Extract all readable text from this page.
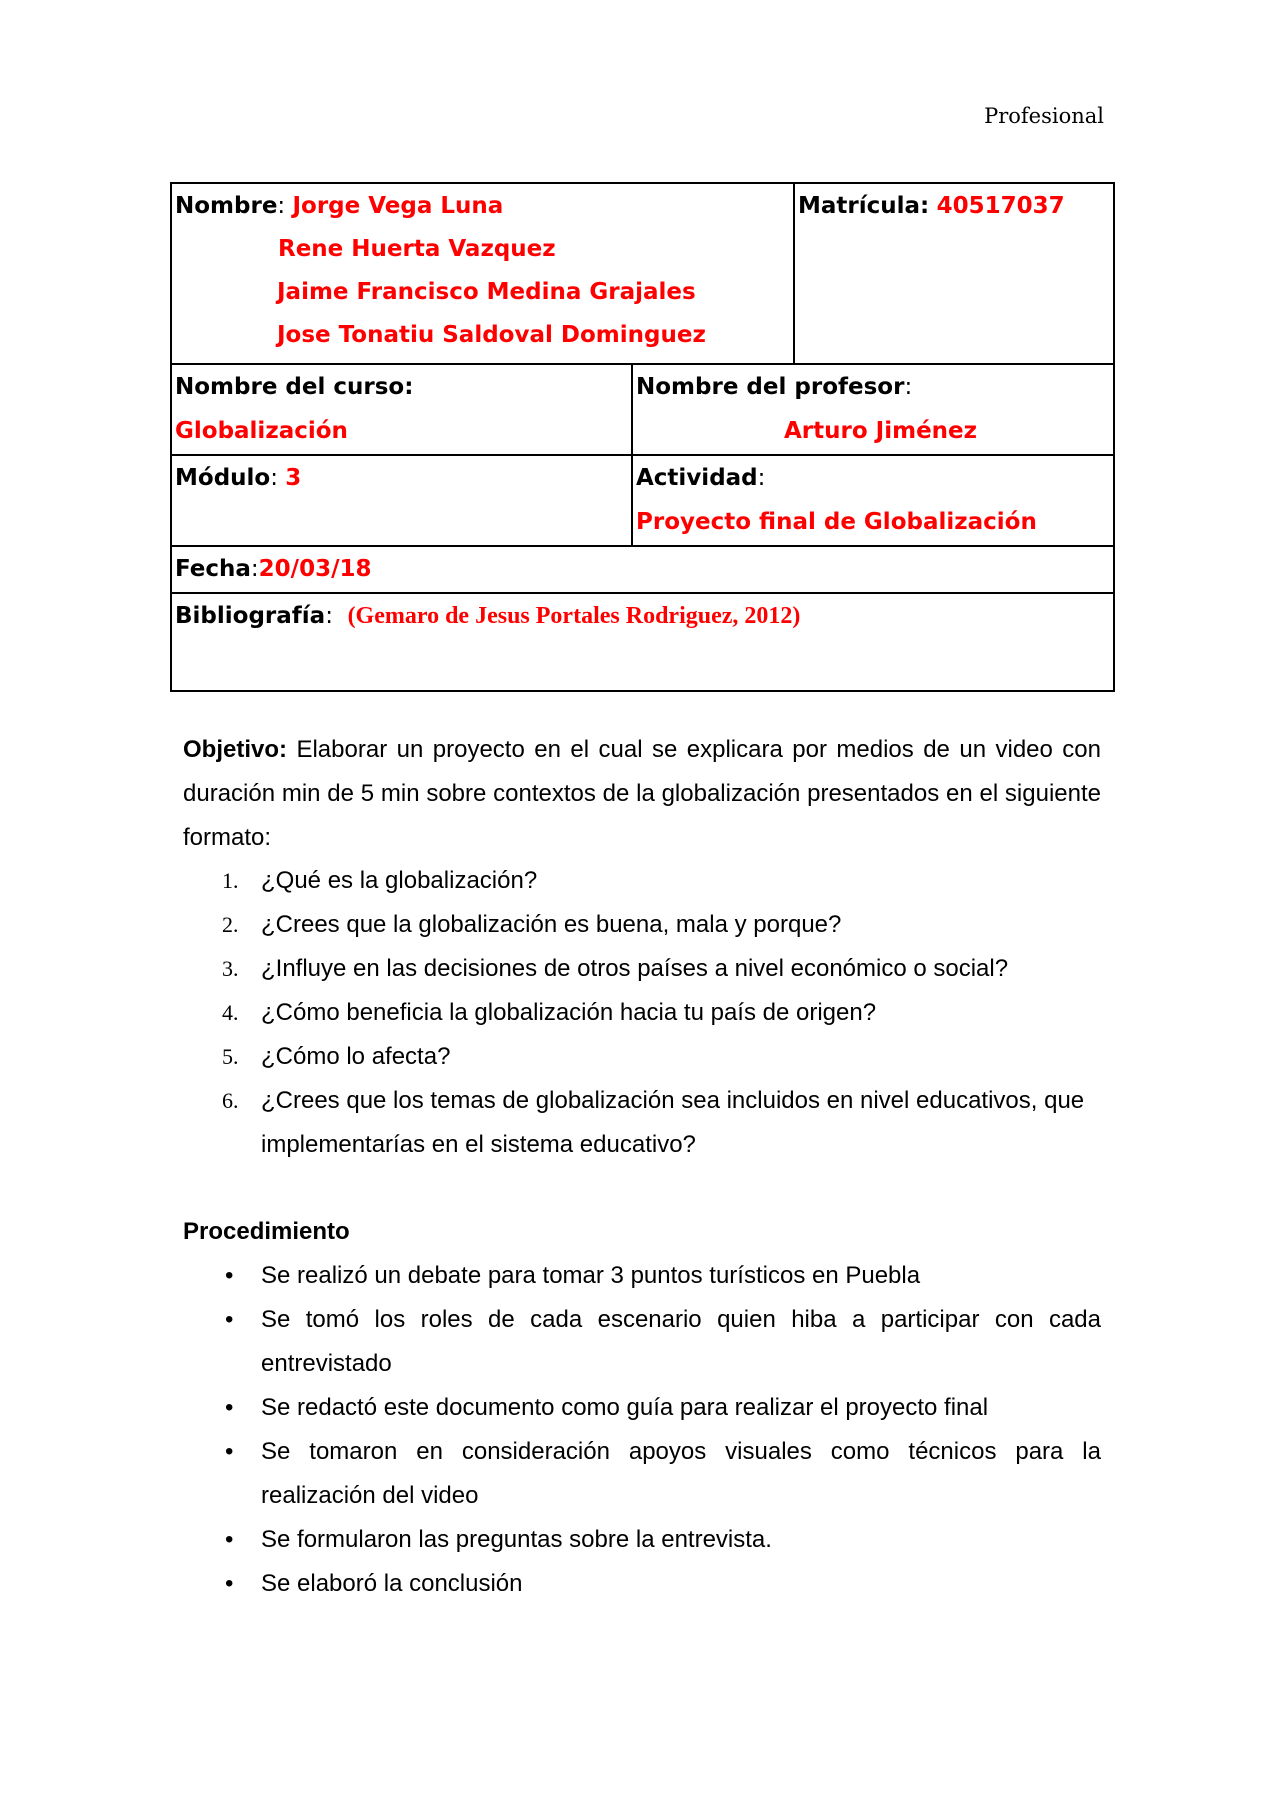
Profesional
Nombre: Jorge Vega Luna
Rene Huerta Vazquez
Jaime Francisco Medina Grajales
Jose Tonatiu Saldoval Dominguez
Matrícula: 40517037
Nombre del curso:
Globalización
Nombre del profesor:
Arturo Jiménez
Módulo: 3	Actividad:
Proyecto final de Globalización
Fecha:20/03/18
Bibliografía:  (Gemaro de Jesus Portales Rodriguez, 2012)
Objetivo: Elaborar un proyecto en el cual se explicara por medios de un video con duración min de 5 min sobre contextos de la globalización presentados en el siguiente formato:
1. ¿Qué es la globalización?
2. ¿Crees que la globalización es buena, mala y porque?
3. ¿Influye en las decisiones de otros países a nivel económico o social?
4. ¿Cómo beneficia la globalización hacia tu país de origen?
5. ¿Cómo lo afecta?
6. ¿Crees que los temas de globalización sea incluidos en nivel educativos, que implementarías en el sistema educativo?
Procedimiento
• Se realizó un debate para tomar 3 puntos turísticos en Puebla
• Se tomó los roles de cada escenario quien hiba a participar con cada entrevistado
• Se redactó este documento como guía para realizar el proyecto final
• Se tomaron en consideración apoyos visuales como técnicos para la realización del video
• Se formularon las preguntas sobre la entrevista.
• Se elaboró la conclusión
